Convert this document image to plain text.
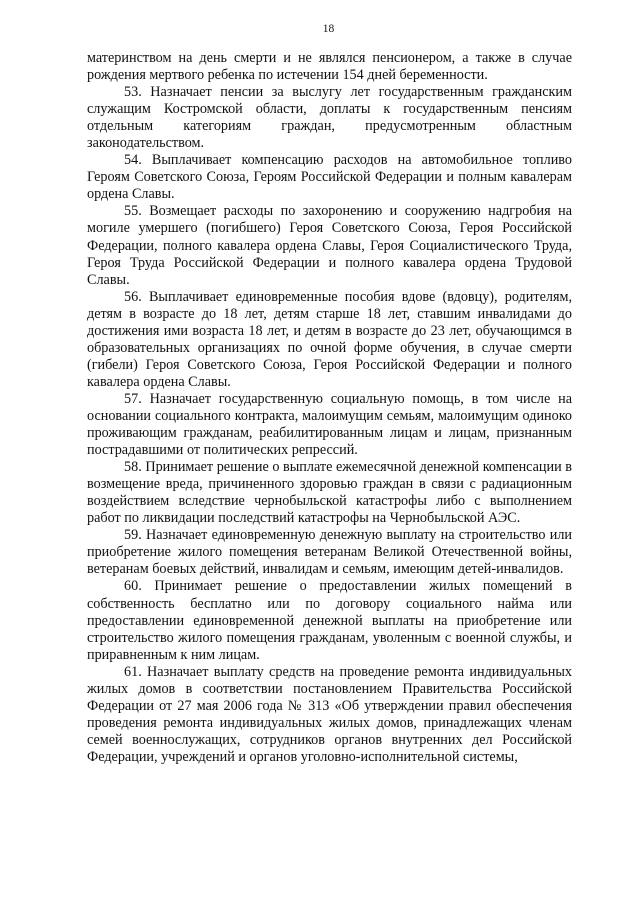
18

материнством на день смерти и не являлся пенсионером, а также в случае рождения мертвого ребенка по истечении 154 дней беременности.

53. Назначает пенсии за выслугу лет государственным гражданским служащим Костромской области, доплаты к государственным пенсиям отдельным категориям граждан, предусмотренным областным законодательством.

54. Выплачивает компенсацию расходов на автомобильное топливо Героям Советского Союза, Героям Российской Федерации и полным кавалерам ордена Славы.

55. Возмещает расходы по захоронению и сооружению надгробия на могиле умершего (погибшего) Героя Советского Союза, Героя Российской Федерации, полного кавалера ордена Славы, Героя Социалистического Труда, Героя Труда Российской Федерации и полного кавалера ордена Трудовой Славы.

56. Выплачивает единовременные пособия вдове (вдовцу), родителям, детям в возрасте до 18 лет, детям старше 18 лет, ставшим инвалидами до достижения ими возраста 18 лет, и детям в возрасте до 23 лет, обучающимся в образовательных организациях по очной форме обучения, в случае смерти (гибели) Героя Советского Союза, Героя Российской Федерации и полного кавалера ордена Славы.

57. Назначает государственную социальную помощь, в том числе на основании социального контракта, малоимущим семьям, малоимущим одиноко проживающим гражданам, реабилитированным лицам и лицам, признанным пострадавшими от политических репрессий.

58. Принимает решение о выплате ежемесячной денежной компенсации в возмещение вреда, причиненного здоровью граждан в связи с радиационным воздействием вследствие чернобыльской катастрофы либо с выполнением работ по ликвидации последствий катастрофы на Чернобыльской АЭС.

59. Назначает единовременную денежную выплату на строительство или приобретение жилого помещения ветеранам Великой Отечественной войны, ветеранам боевых действий, инвалидам и семьям, имеющим детей-инвалидов.

60. Принимает решение о предоставлении жилых помещений в собственность бесплатно или по договору социального найма или предоставлении единовременной денежной выплаты на приобретение или строительство жилого помещения гражданам, уволенным с военной службы, и приравненным к ним лицам.

61. Назначает выплату средств на проведение ремонта индивидуальных жилых домов в соответствии постановлением Правительства Российской Федерации от 27 мая 2006 года № 313 «Об утверждении правил обеспечения проведения ремонта индивидуальных жилых домов, принадлежащих членам семей военнослужащих, сотрудников органов внутренних дел Российской Федерации, учреждений и органов уголовно-исполнительной системы,
